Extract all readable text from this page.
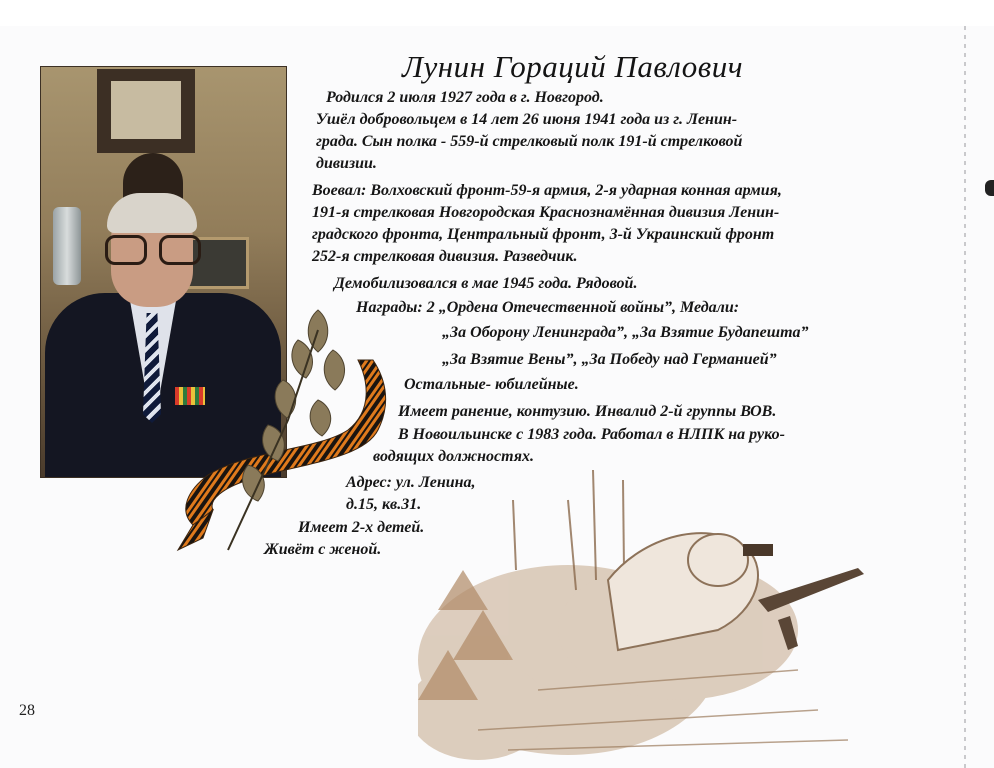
Лунин Гораций Павлович
Родился 2 июля 1927 года в г. Новгород.
Ушёл добровольцем в 14 лет 26 июня 1941 года из г. Ленин-
града. Сын полка - 559-й стрелковый полк 191-й стрелковой
дивизии.
Воевал: Волховский фронт-59-я армия, 2-я ударная конная армия,
191-я стрелковая Новгородская Краснознамённая дивизия Ленин-
градского фронта, Центральный фронт, 3-й Украинский фронт
252-я стрелковая дивизия. Разведчик.
Демобилизовался в мае 1945 года. Рядовой.
Награды: 2 „Ордена Отечественной войны”, Медали:
„За Оборону Ленинграда”, „За Взятие Будапешта”
„За Взятие Вены”, „За Победу над Германией”
Остальные- юбилейные.
Имеет ранение, контузию. Инвалид 2-й группы ВОВ.
В Новоильинске с 1983 года. Работал в НЛПК на руко-
водящих должностях.
Адрес: ул. Ленина,
д.15, кв.31.
Имеет 2-х детей.
Живёт с женой.
28
